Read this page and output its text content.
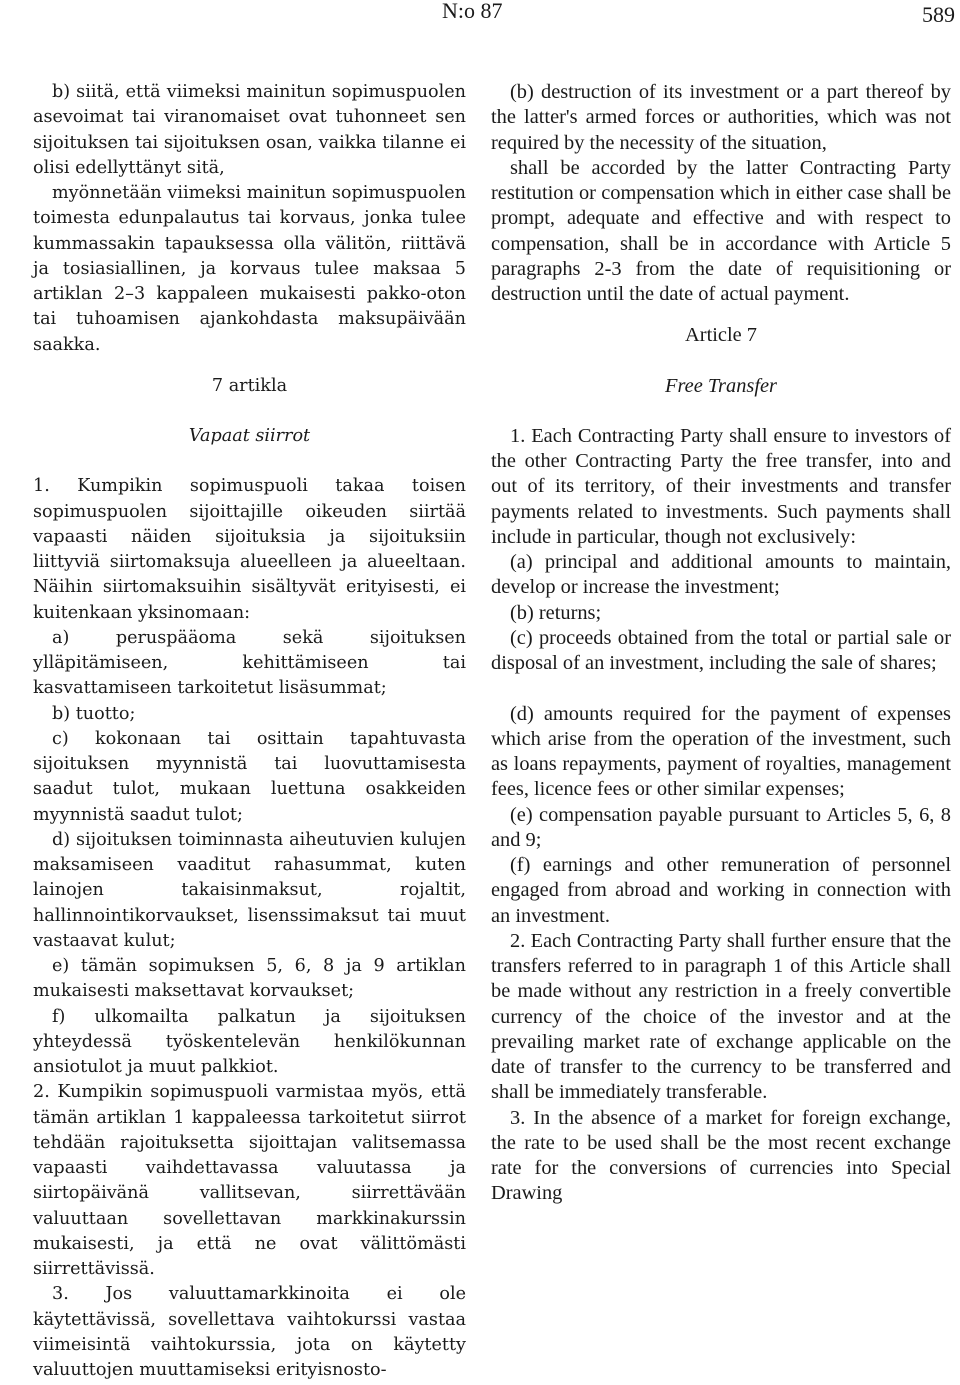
N:o 87	589

b) siitä, että viimeksi mainitun sopimuspuolen asevoimat tai viranomaiset ovat tuhonneet sen sijoituksen tai sijoituksen osan, vaikka tilanne ei olisi edellyttänyt sitä,

myönnetään viimeksi mainitun sopimuspuolen toimesta edunpalautus tai korvaus, jonka tulee kummassakin tapauksessa olla välitön, riittävä ja tosiasiallinen, ja korvaus tulee maksaa 5 artiklan 2–3 kappaleen mukaisesti pakko-oton tai tuhoamisen ajankohdasta maksupäivään saakka.

7 artikla

Vapaat siirrot

1. Kumpikin sopimuspuoli takaa toisen sopimuspuolen sijoittajille oikeuden siirtää vapaasti näiden sijoituksia ja sijoituksiin liittyviä siirtomaksuja alueelleen ja alueeltaan. Näihin siirtomaksuihin sisältyvät erityisesti, ei kuitenkaan yksinomaan:

a) peruspääoma sekä sijoituksen ylläpitämiseen, kehittämiseen tai kasvattamiseen tarkoitetut lisäsummat;

b) tuotto;

c) kokonaan tai osittain tapahtuvasta sijoituksen myynnistä tai luovuttamisesta saadut tulot, mukaan luettuna osakkeiden myynnistä saadut tulot;

d) sijoituksen toiminnasta aiheutuvien kulujen maksamiseen vaaditut rahasummat, kuten lainojen takaisinmaksut, rojaltit, hallinnointikorvaukset, lisenssimaksut tai muut vastaavat kulut;

e) tämän sopimuksen 5, 6, 8 ja 9 artiklan mukaisesti maksettavat korvaukset;

f) ulkomailta palkatun ja sijoituksen yhteydessä työskentelevän henkilökunnan ansiotulot ja muut palkkiot.

2. Kumpikin sopimuspuoli varmistaa myös, että tämän artiklan 1 kappaleessa tarkoitetut siirrot tehdään rajoituksetta sijoittajan valitsemassa vapaasti vaihdettavassa valuutassa ja siirtopäivänä vallitsevan, siirrettävään valuuttaan sovellettavan markkinakurssin mukaisesti, ja että ne ovat välittömästi siirrettävissä.

3. Jos valuuttamarkkinoita ei ole käytettävissä, sovellettava vaihtokurssi vastaa viimeisintä vaihtokurssia, jota on käytetty valuuttojen muuttamiseksi erityisnosto-

(b) destruction of its investment or a part thereof by the latter's armed forces or authorities, which was not required by the necessity of the situation,

shall be accorded by the latter Contracting Party restitution or compensation which in either case shall be prompt, adequate and effective and with respect to compensation, shall be in accordance with Article 5 paragraphs 2-3 from the date of requisitioning or destruction until the date of actual payment.

Article 7

Free Transfer

1. Each Contracting Party shall ensure to investors of the other Contracting Party the free transfer, into and out of its territory, of their investments and transfer payments related to investments. Such payments shall include in particular, though not exclusively:

(a) principal and additional amounts to maintain, develop or increase the investment;

(b) returns;

(c) proceeds obtained from the total or partial sale or disposal of an investment, including the sale of shares;

(d) amounts required for the payment of expenses which arise from the operation of the investment, such as loans repayments, payment of royalties, management fees, licence fees or other similar expenses;

(e) compensation payable pursuant to Articles 5, 6, 8 and 9;

(f) earnings and other remuneration of personnel engaged from abroad and working in connection with an investment.

2. Each Contracting Party shall further ensure that the transfers referred to in paragraph 1 of this Article shall be made without any restriction in a freely convertible currency of the choice of the investor and at the prevailing market rate of exchange applicable on the date of transfer to the currency to be transferred and shall be immediately transferable.

3. In the absence of a market for foreign exchange, the rate to be used shall be the most recent exchange rate for the conversions of currencies into Special Drawing
